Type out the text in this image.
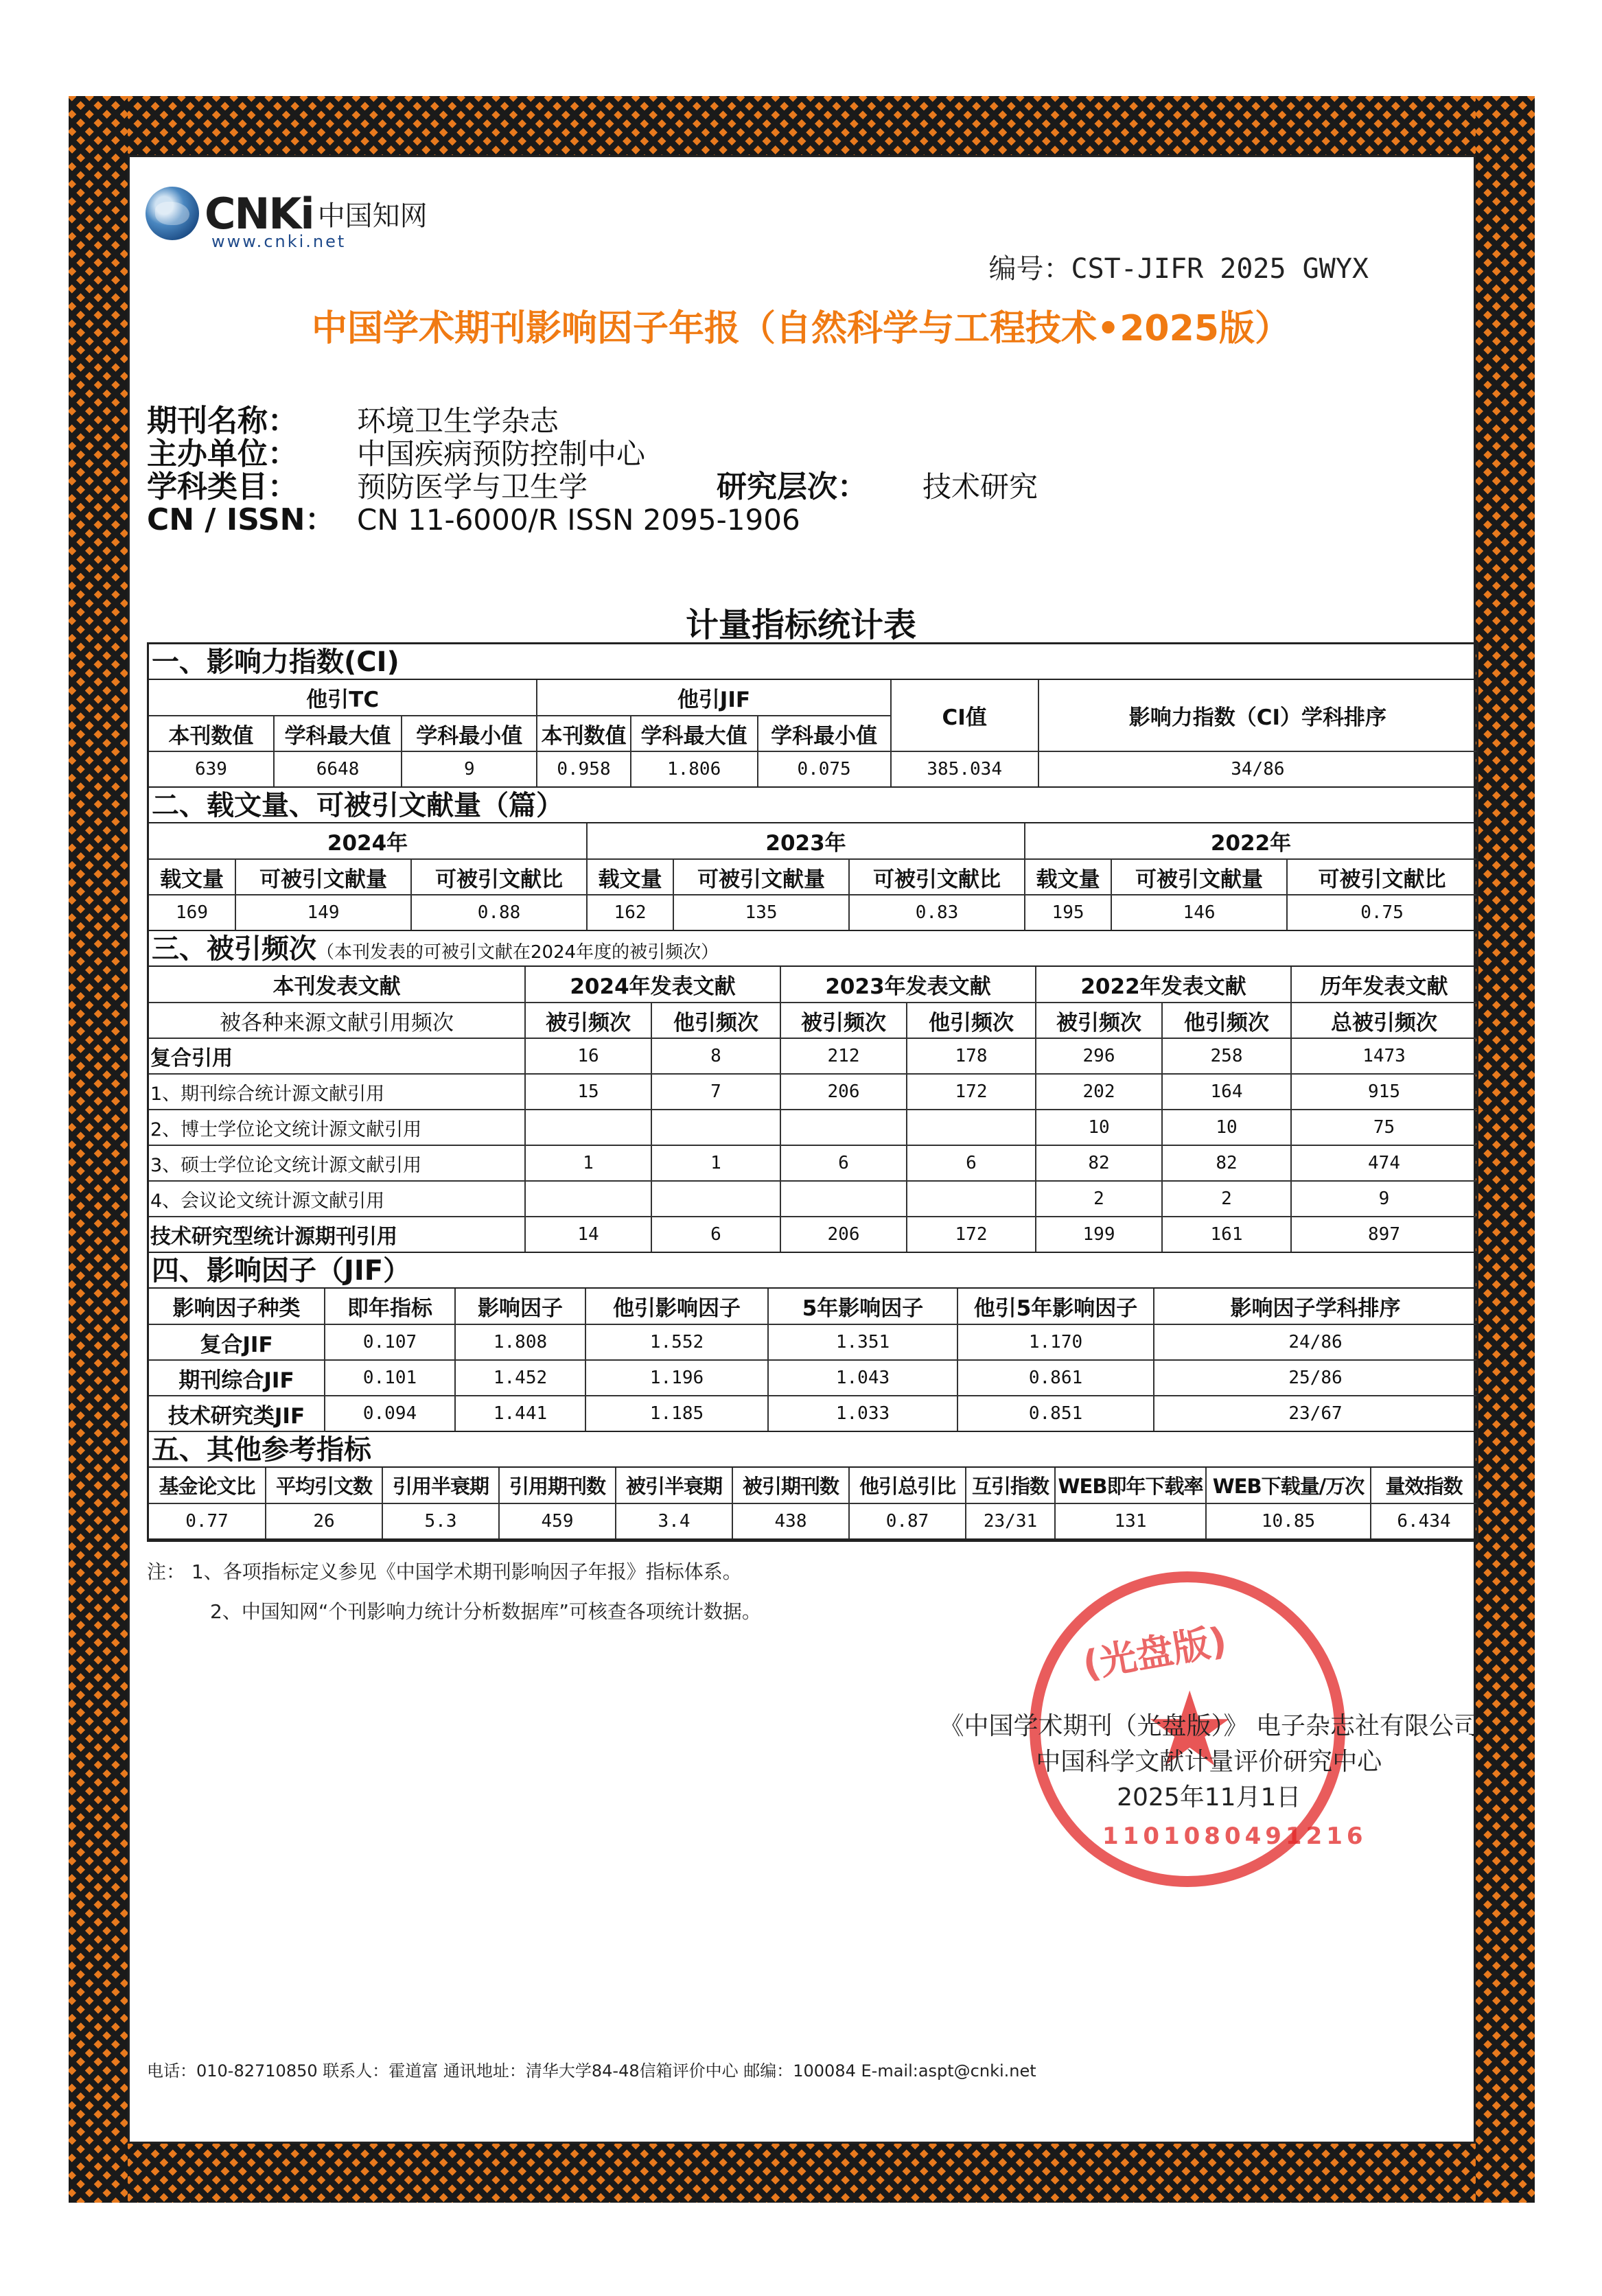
CNKi 中国知网
www.cnki.net
编号：CST-JIFR 2025 GWYX
中国学术期刊影响因子年报（自然科学与工程技术•2025版）
期刊名称：	环境卫生学杂志
主办单位：	中国疾病预防控制中心
学科类目：	预防医学与卫生学	研究层次：	技术研究
CN / ISSN： CN 11-6000/R ISSN 2095-1906
计量指标统计表
一、影响力指数(CI)
他引TC			他引JIF			CI值	影响力指数（CI）学科排序
本刊数值	学科最大值	学科最小值	本刊数值	学科最大值	学科最小值		
639	6648	9	0.958	1.806	0.075	385.034	34/86
二、载文量、可被引文献量（篇）
2024年			2023年			2022年		
载文量	可被引文献量	可被引文献比	载文量	可被引文献量	可被引文献比	载文量	可被引文献量	可被引文献比
169	149	0.88	162	135	0.83	195	146	0.75
三、被引频次（本刊发表的可被引文献在2024年度的被引频次）
本刊发表文献	2024年发表文献		2023年发表文献		2022年发表文献		历年发表文献
被各种来源文献引用频次	被引频次	他引频次	被引频次	他引频次	被引频次	他引频次	总被引频次
复合引用	16	8	212	178	296	258	1473
1、期刊综合统计源文献引用	15	7	206	172	202	164	915
2、博士学位论文统计源文献引用					10	10	75
3、硕士学位论文统计源文献引用	1	1	6	6	82	82	474
4、会议论文统计源文献引用					2	2	9
技术研究型统计源期刊引用	14	6	206	172	199	161	897
四、影响因子（JIF）
影响因子种类	即年指标	影响因子	他引影响因子	5年影响因子	他引5年影响因子	影响因子学科排序
复合JIF	0.107	1.808	1.552	1.351	1.170	24/86
期刊综合JIF	0.101	1.452	1.196	1.043	0.861	25/86
技术研究类JIF	0.094	1.441	1.185	1.033	0.851	23/67
五、其他参考指标
基金论文比	平均引文数	引用半衰期	引用期刊数	被引半衰期	被引期刊数	他引总引比	互引指数	WEB即年下载率	WEB下载量/万次	量效指数
0.77	26	5.3	459	3.4	438	0.87	23/31	131	10.85	6.434
注： 1、各项指标定义参见《中国学术期刊影响因子年报》指标体系。
2、中国知网“个刊影响力统计分析数据库”可核查各项统计数据。
(光盘版)
★
1101080491216
《中国学术期刊（光盘版）》 电子杂志社有限公司
中国科学文献计量评价研究中心
2025年11月1日
电话：010-82710850 联系人：霍道富 通讯地址：清华大学84-48信箱评价中心 邮编：100084 E-mail:aspt@cnki.net
